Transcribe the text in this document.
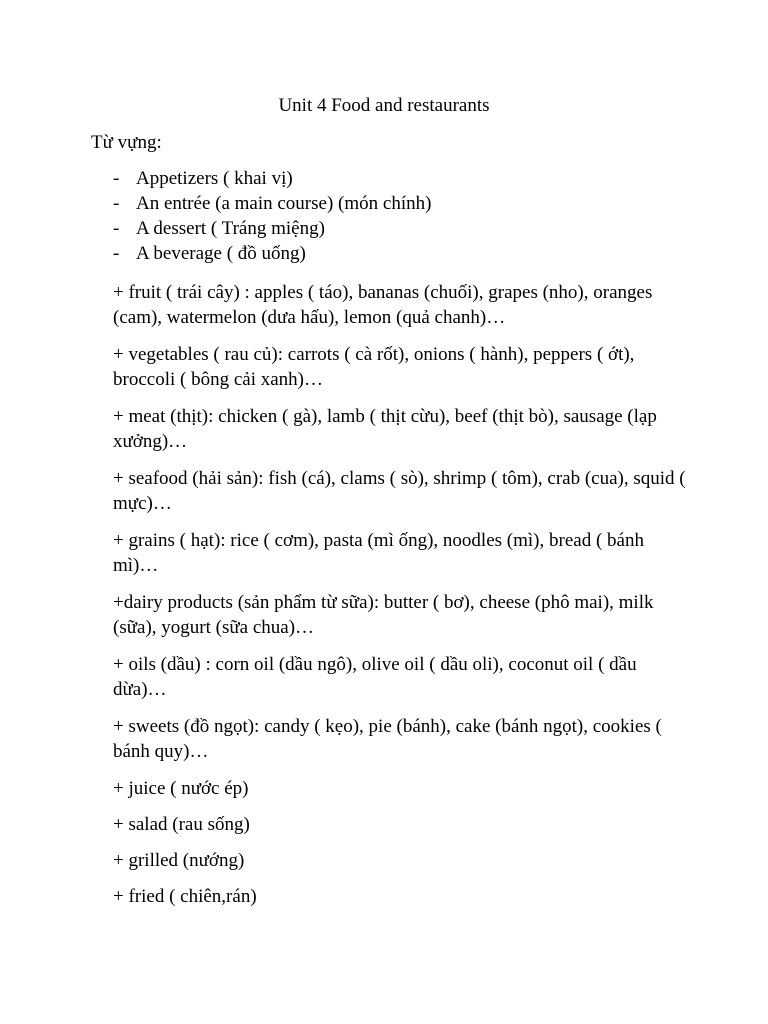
Unit 4 Food and restaurants
Từ vựng:
- Appetizers ( khai vị)
- An entrée (a main course) (món chính)
- A dessert ( Tráng miệng)
- A beverage ( đồ uống)

+ fruit ( trái cây) : apples ( táo), bananas (chuối), grapes (nho), oranges (cam), watermelon (dưa hấu), lemon (quả chanh)…

+ vegetables ( rau củ): carrots ( cà rốt), onions ( hành), peppers ( ớt), broccoli ( bông cải xanh)…

+ meat (thịt): chicken ( gà), lamb ( thịt cừu), beef (thịt bò), sausage (lạp xưởng)…

+ seafood (hải sản): fish (cá), clams ( sò), shrimp ( tôm), crab (cua), squid ( mực)…

+ grains ( hạt): rice ( cơm), pasta (mì ống), noodles (mì), bread ( bánh mì)…

+dairy products (sản phẩm từ sữa): butter ( bơ), cheese (phô mai), milk (sữa), yogurt (sữa chua)…

+ oils (dầu) : corn oil (dầu ngô), olive oil ( dầu oli), coconut oil ( dầu dừa)…

+ sweets (đồ ngọt): candy ( kẹo), pie (bánh), cake (bánh ngọt), cookies ( bánh quy)…

+ juice ( nước ép)

+ salad (rau sống)

+ grilled (nướng)

+ fried ( chiên,rán)
